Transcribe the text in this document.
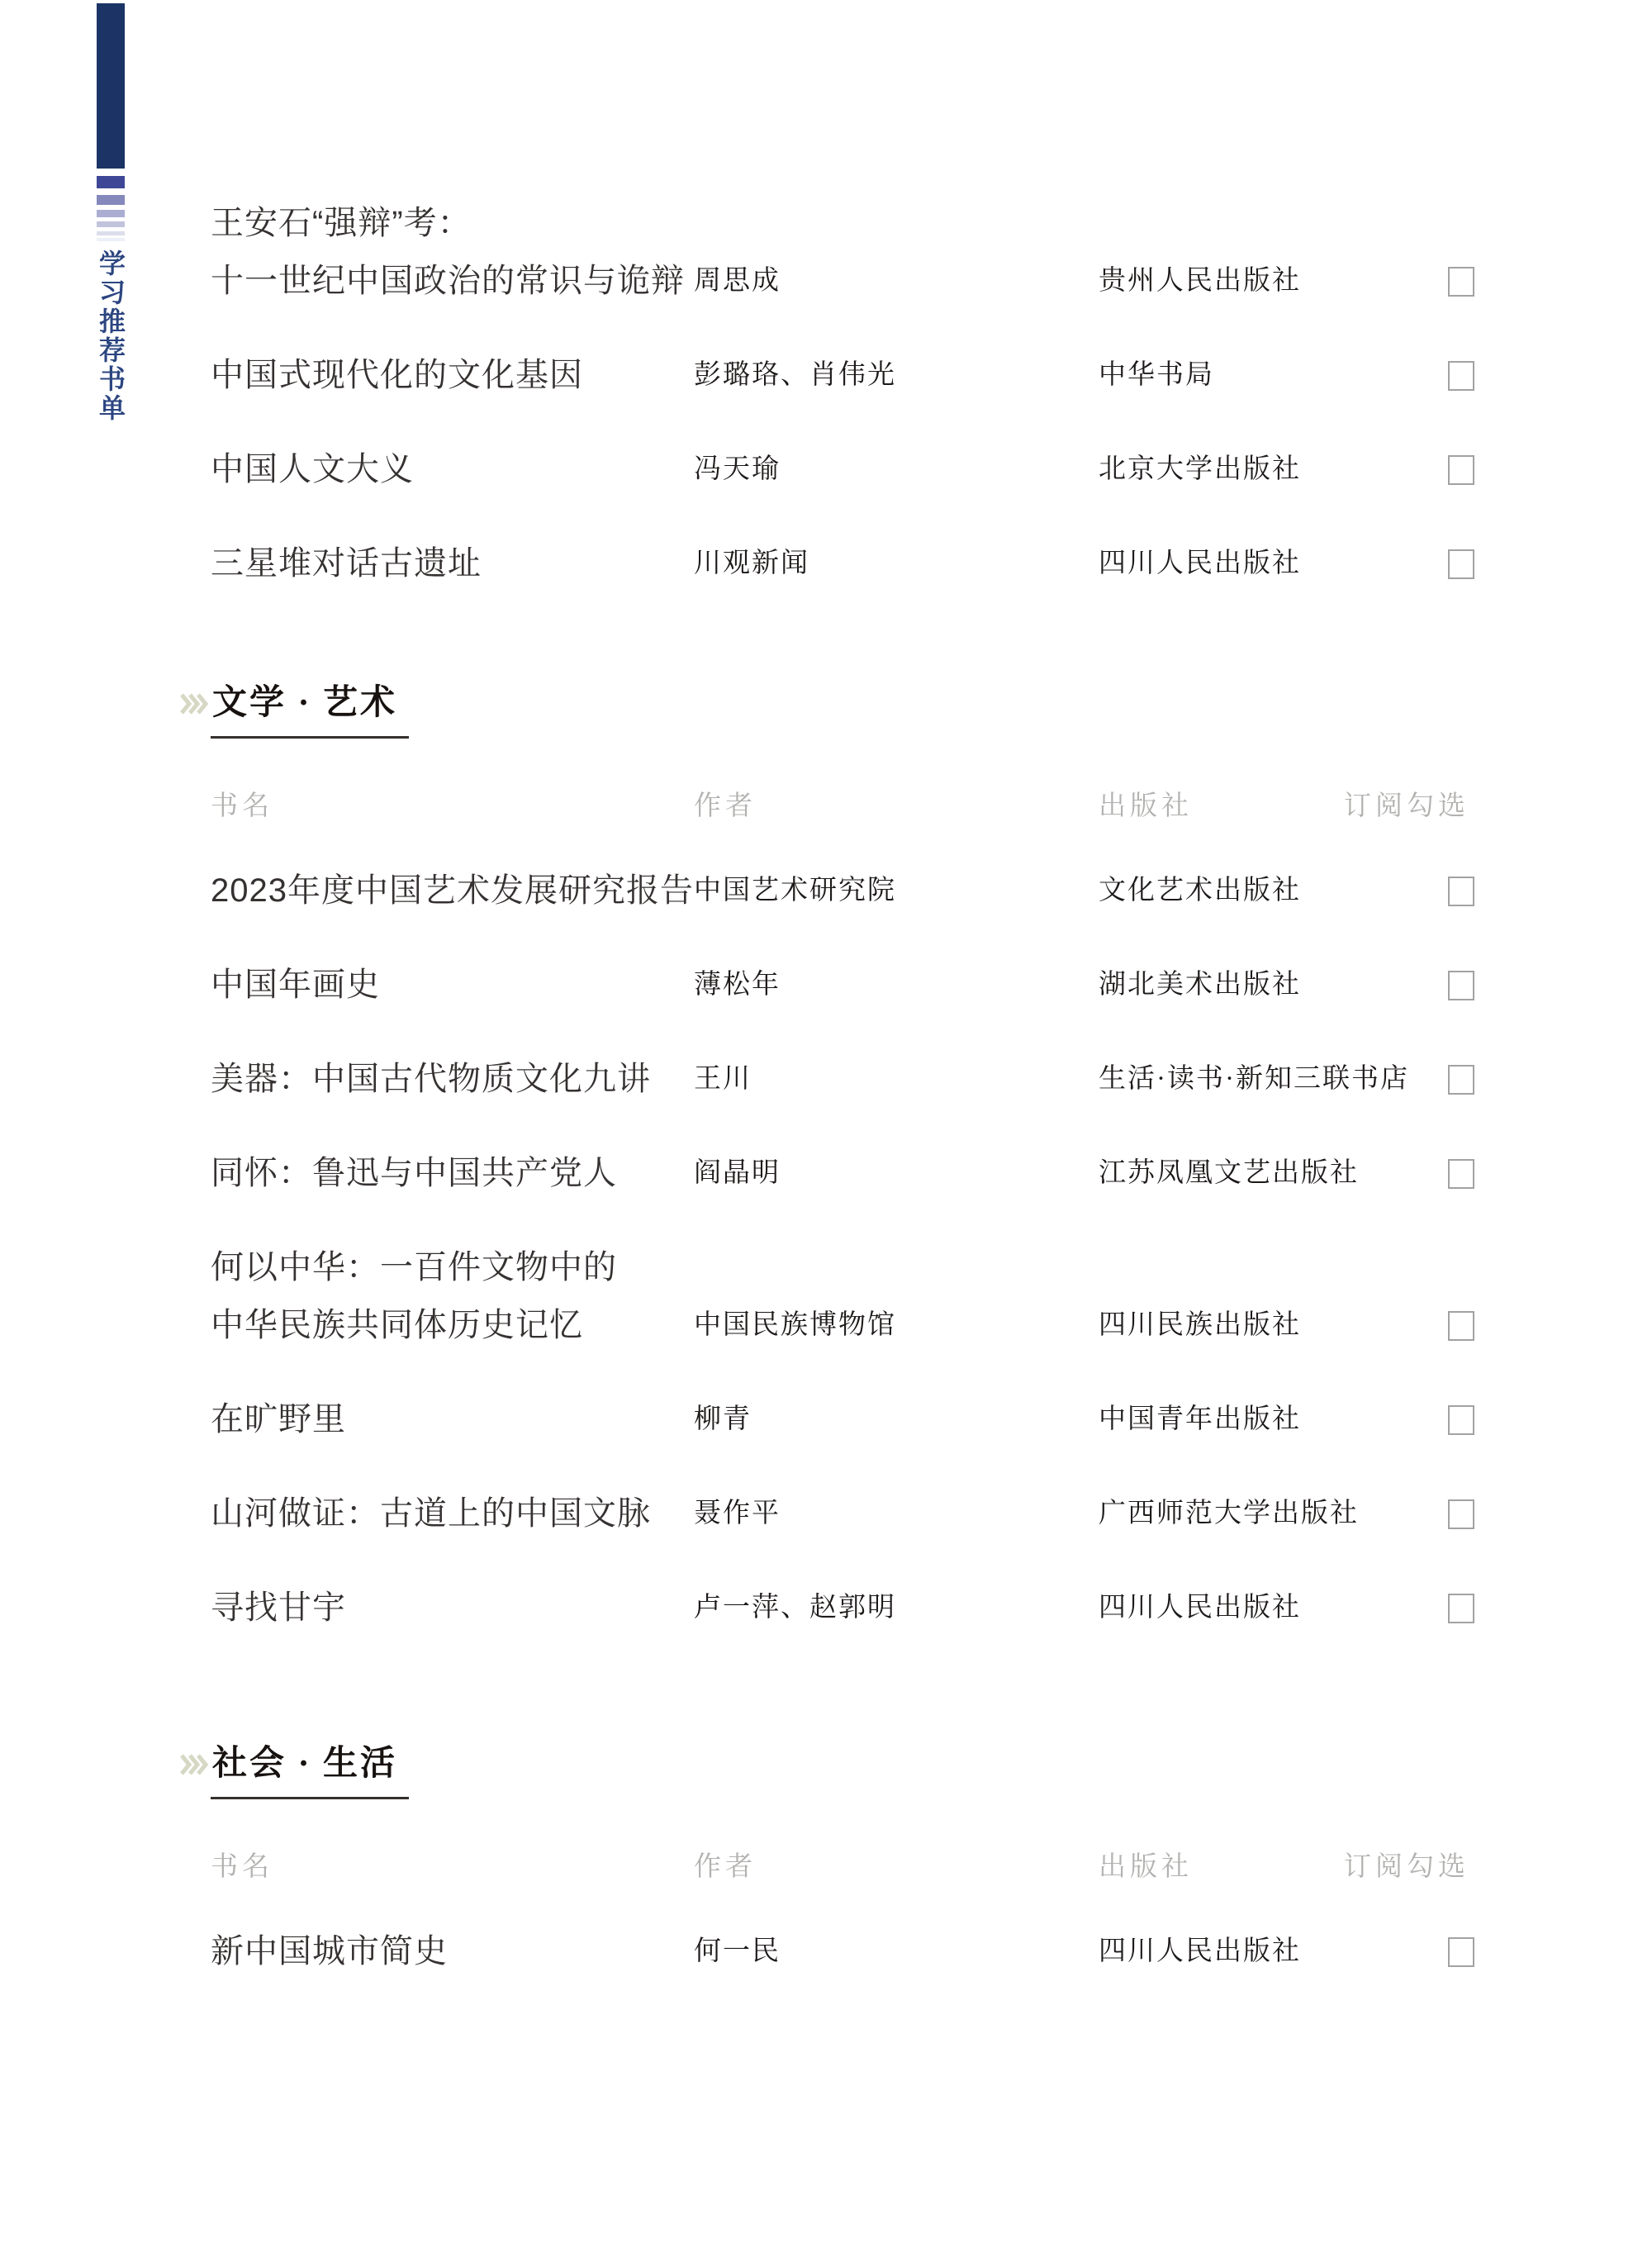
学习推荐书单
王安石“强辩”考：
十一世纪中国政治的常识与诡辩 周思成	贵州人民出版社
中国式现代化的文化基因	彭璐珞、肖伟光	中华书局
中国人文大义	冯天瑜	北京大学出版社
三星堆对话古遗址	川观新闻	四川人民出版社
文学 · 艺术
书名	作者	出版社	订阅勾选
2023年度中国艺术发展研究报告 中国艺术研究院	文化艺术出版社
中国年画史	薄松年	湖北美术出版社
美器：中国古代物质文化九讲	王川	生活·读书·新知三联书店
同怀：鲁迅与中国共产党人	阎晶明	江苏凤凰文艺出版社
何以中华：一百件文物中的
中华民族共同体历史记忆	中国民族博物馆	四川民族出版社
在旷野里	柳青	中国青年出版社
山河做证：古道上的中国文脉	聂作平	广西师范大学出版社
寻找甘宇	卢一萍、赵郭明	四川人民出版社
社会 · 生活
书名	作者	出版社	订阅勾选
新中国城市简史	何一民	四川人民出版社
